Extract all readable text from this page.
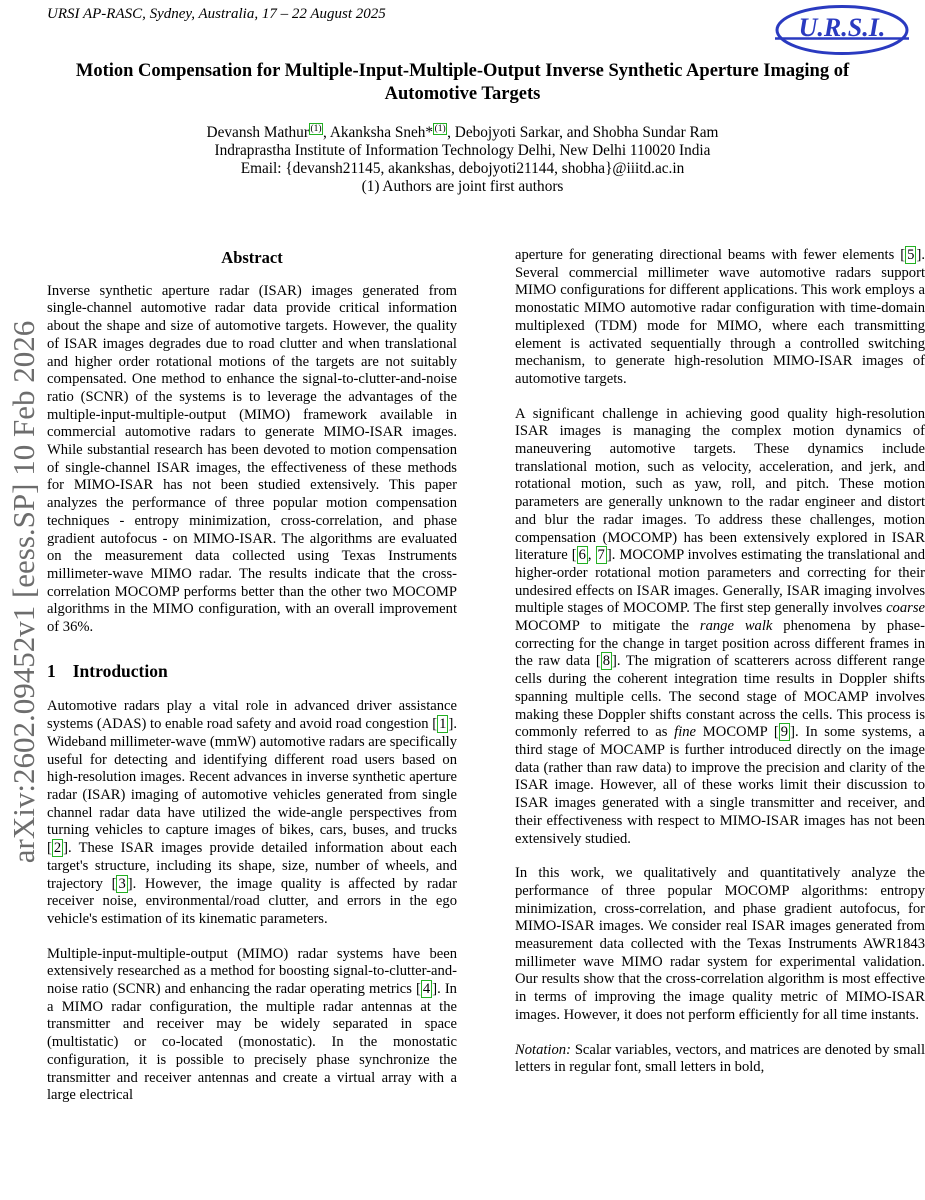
URSI AP-RASC, Sydney, Australia, 17 – 22 August 2025	U.R.S.I.
arXiv:2602.09452v1 [eess.SP] 10 Feb 2026
Motion Compensation for Multiple-Input-Multiple-Output Inverse Synthetic Aperture Imaging of Automotive Targets
Devansh Mathur $^{(1)}$, Akanksha Sneh* $^{(1)}$, Debojyoti Sarkar, and Shobha Sundar Ram
Indraprastha Institute of Information Technology Delhi, New Delhi 110020 India
Email: {devansh21145, akankshas, debojyoti21144, shobha}@iiitd.ac.in
(1) Authors are joint first authors
Abstract

Inverse synthetic aperture radar (ISAR) images generated from single-channel automotive radar data provide critical information about the shape and size of automotive targets. However, the quality of ISAR images degrades due to road clutter and when translational and higher order rotational motions of the targets are not suitably compensated. One method to enhance the signal-to-clutter-and-noise ratio (SCNR) of the systems is to leverage the advantages of the multiple-input-multiple-output (MIMO) framework available in commercial automotive radars to generate MIMO-ISAR images. While substantial research has been devoted to motion compensation of single-channel ISAR images, the effectiveness of these methods for MIMO-ISAR has not been studied extensively. This paper analyzes the performance of three popular motion compensation techniques - entropy minimization, cross-correlation, and phase gradient autofocus - on MIMO-ISAR. The algorithms are evaluated on the measurement data collected using Texas Instruments millimeter-wave MIMO radar. The results indicate that the cross-correlation MOCOMP performs better than the other two MOCOMP algorithms in the MIMO configuration, with an overall improvement of 36%.

1 Introduction

Automotive radars play a vital role in advanced driver assistance systems (ADAS) to enable road safety and avoid road congestion [ 1 ]. Wideband millimeter-wave (mmW) automotive radars are specifically useful for detecting and identifying different road users based on high-resolution images. Recent advances in inverse synthetic aperture radar (ISAR) imaging of automotive vehicles generated from single channel radar data have utilized the wide-angle perspectives from turning vehicles to capture images of bikes, cars, buses, and trucks [ 2 ]. These ISAR images provide detailed information about each target's structure, including its shape, size, number of wheels, and trajectory [ 3 ]. However, the image quality is affected by radar receiver noise, environmental/road clutter, and errors in the ego vehicle's estimation of its kinematic parameters.

Multiple-input-multiple-output (MIMO) radar systems have been extensively researched as a method for boosting signal-to-clutter-and-noise ratio (SCNR) and enhancing the radar operating metrics [ 4 ]. In a MIMO radar configuration, the multiple radar antennas at the transmitter and receiver may be widely separated in space (multistatic) or co-located (monostatic). In the monostatic configuration, it is possible to precisely phase synchronize the transmitter and receiver antennas and create a virtual array with a large electrical

aperture for generating directional beams with fewer elements [ 5 ]. Several commercial millimeter wave automotive radars support MIMO configurations for different applications. This work employs a monostatic MIMO automotive radar configuration with time-domain multiplexed (TDM) mode for MIMO, where each transmitting element is activated sequentially through a controlled switching mechanism, to generate high-resolution MIMO-ISAR images of automotive targets.

A significant challenge in achieving good quality high-resolution ISAR images is managing the complex motion dynamics of maneuvering automotive targets. These dynamics include translational motion, such as velocity, acceleration, and jerk, and rotational motion, such as yaw, roll, and pitch. These motion parameters are generally unknown to the radar engineer and distort and blur the radar images. To address these challenges, motion compensation (MOCOMP) has been extensively explored in ISAR literature [ 6 , 7 ]. MOCOMP involves estimating the translational and higher-order rotational motion parameters and correcting for their undesired effects on ISAR images. Generally, ISAR imaging involves multiple stages of MOCOMP. The first step generally involves coarse MOCOMP to mitigate the range walk phenomena by phase-correcting for the change in target position across different frames in the raw data [ 8 ]. The migration of scatterers across different range cells during the coherent integration time results in Doppler shifts spanning multiple cells. The second stage of MOCAMP involves making these Doppler shifts constant across the cells. This process is commonly referred to as fine MOCOMP [ 9 ]. In some systems, a third stage of MOCAMP is further introduced directly on the image data (rather than raw data) to improve the precision and clarity of the ISAR image. However, all of these works limit their discussion to ISAR images generated with a single transmitter and receiver, and their effectiveness with respect to MIMO-ISAR images has not been extensively studied.

In this work, we qualitatively and quantitatively analyze the performance of three popular MOCOMP algorithms: entropy minimization, cross-correlation, and phase gradient autofocus, for MIMO-ISAR images. We consider real ISAR images generated from measurement data collected with the Texas Instruments AWR1843 millimeter wave MIMO radar system for experimental validation. Our results show that the cross-correlation algorithm is most effective in terms of improving the image quality metric of MIMO-ISAR images. However, it does not perform efficiently for all time instants.

Notation: Scalar variables, vectors, and matrices are denoted by small letters in regular font, small letters in bold,
